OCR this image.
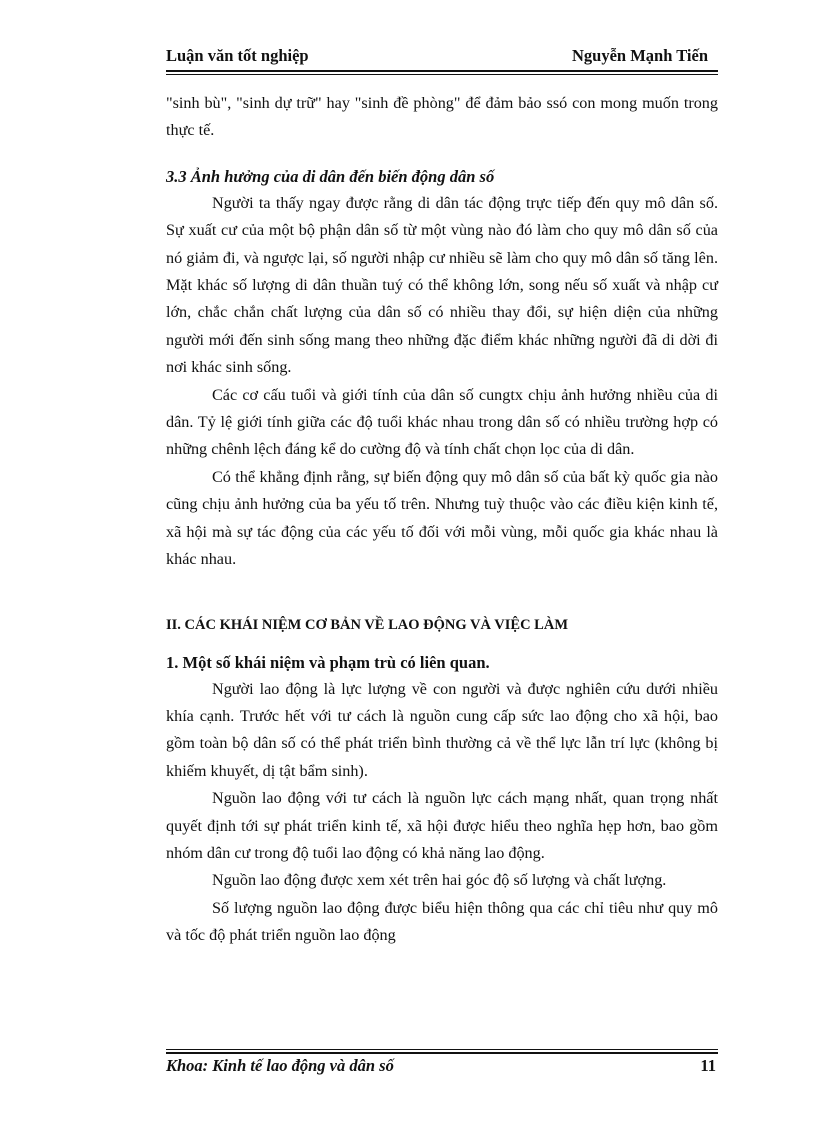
Luận văn tốt nghiệp	Nguyễn Mạnh Tiến

"sinh bù", "sinh dự trữ" hay "sinh đề phòng" để đảm bảo ssó con mong muốn trong thực tế.

3.3 Ảnh hưởng của di dân đến biến động dân số

Người ta thấy ngay được rằng di dân tác động trực tiếp đến quy mô dân số. Sự xuất cư của một bộ phận dân số từ một vùng nào đó làm cho quy mô dân số của nó giảm đi, và ngược lại, số người nhập cư nhiều sẽ làm cho quy mô dân số tăng lên. Mặt khác số lượng di dân thuần tuý có thể không lớn, song nếu số xuất và nhập cư lớn, chắc chắn chất lượng của dân số có nhiều thay đổi, sự hiện diện của những người mới đến sinh sống mang theo những đặc điểm khác những người đã di dời đi nơi khác sinh sống.

Các cơ cấu tuổi và giới tính của dân số cungtx chịu ảnh hưởng nhiều của di dân. Tỷ lệ giới tính giữa các độ tuổi khác nhau trong dân số có nhiều trường hợp có những chênh lệch đáng kể do cường độ và tính chất chọn lọc của di dân.

Có thể khẳng định rằng, sự biến động quy mô dân số của bất kỳ quốc gia nào cũng chịu ảnh hưởng của ba yếu tố trên. Nhưng tuỳ thuộc vào các điều kiện kinh tế, xã hội mà sự tác động của các yếu tố đối với mỗi vùng, mỗi quốc gia khác nhau là khác nhau.

II. CÁC KHÁI NIỆM CƠ BẢN VỀ LAO ĐỘNG VÀ VIỆC LÀM
1. Một số khái niệm và phạm trù có liên quan.

Người lao động là lực lượng về con người và được nghiên cứu dưới nhiều khía cạnh. Trước hết với tư cách là nguồn cung cấp sức lao động cho xã hội, bao gồm toàn bộ dân số có thể phát triển bình thường cả về thể lực lẫn trí lực (không bị khiếm khuyết, dị tật bẩm sinh).

Nguồn lao động với tư cách là nguồn lực cách mạng nhất, quan trọng nhất quyết định tới sự phát triển kinh tế, xã hội được hiểu theo nghĩa hẹp hơn, bao gồm nhóm dân cư trong độ tuổi lao động có khả năng lao động.

Nguồn lao động được xem xét trên hai góc độ số lượng và chất lượng.

Số lượng nguồn lao động được biểu hiện thông qua các chỉ tiêu như quy mô và tốc độ phát triển nguồn lao động

Khoa: Kinh tế lao động và dân số	11
